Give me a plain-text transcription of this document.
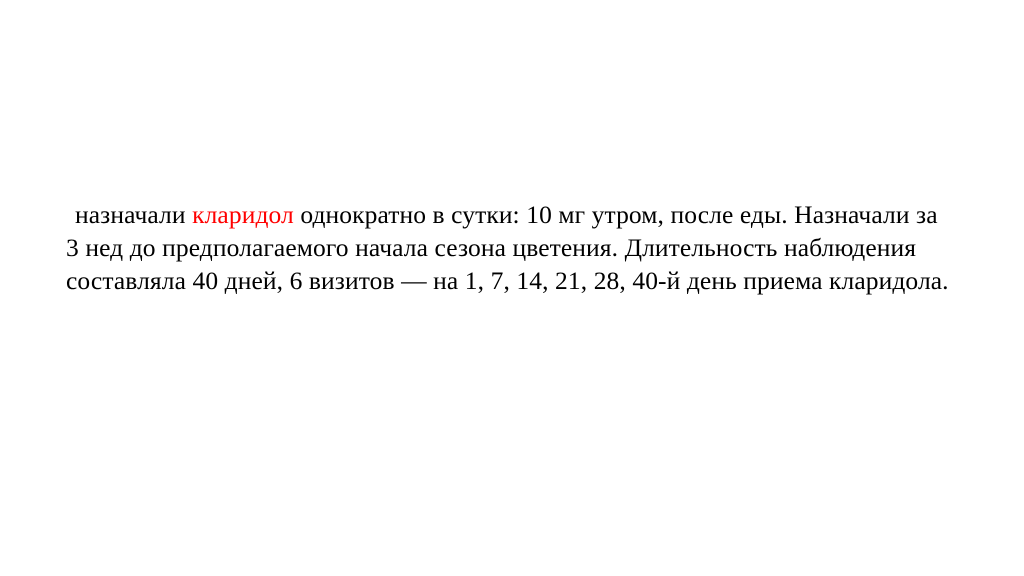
назначали кларидол однократно в сутки: 10 мг утром, после еды. Назначали за 3 нед до предполагаемого начала сезона цветения. Длительность наблюдения составляла 40 дней, 6 визитов — на 1, 7, 14, 21, 28, 40-й день приема кларидола.
